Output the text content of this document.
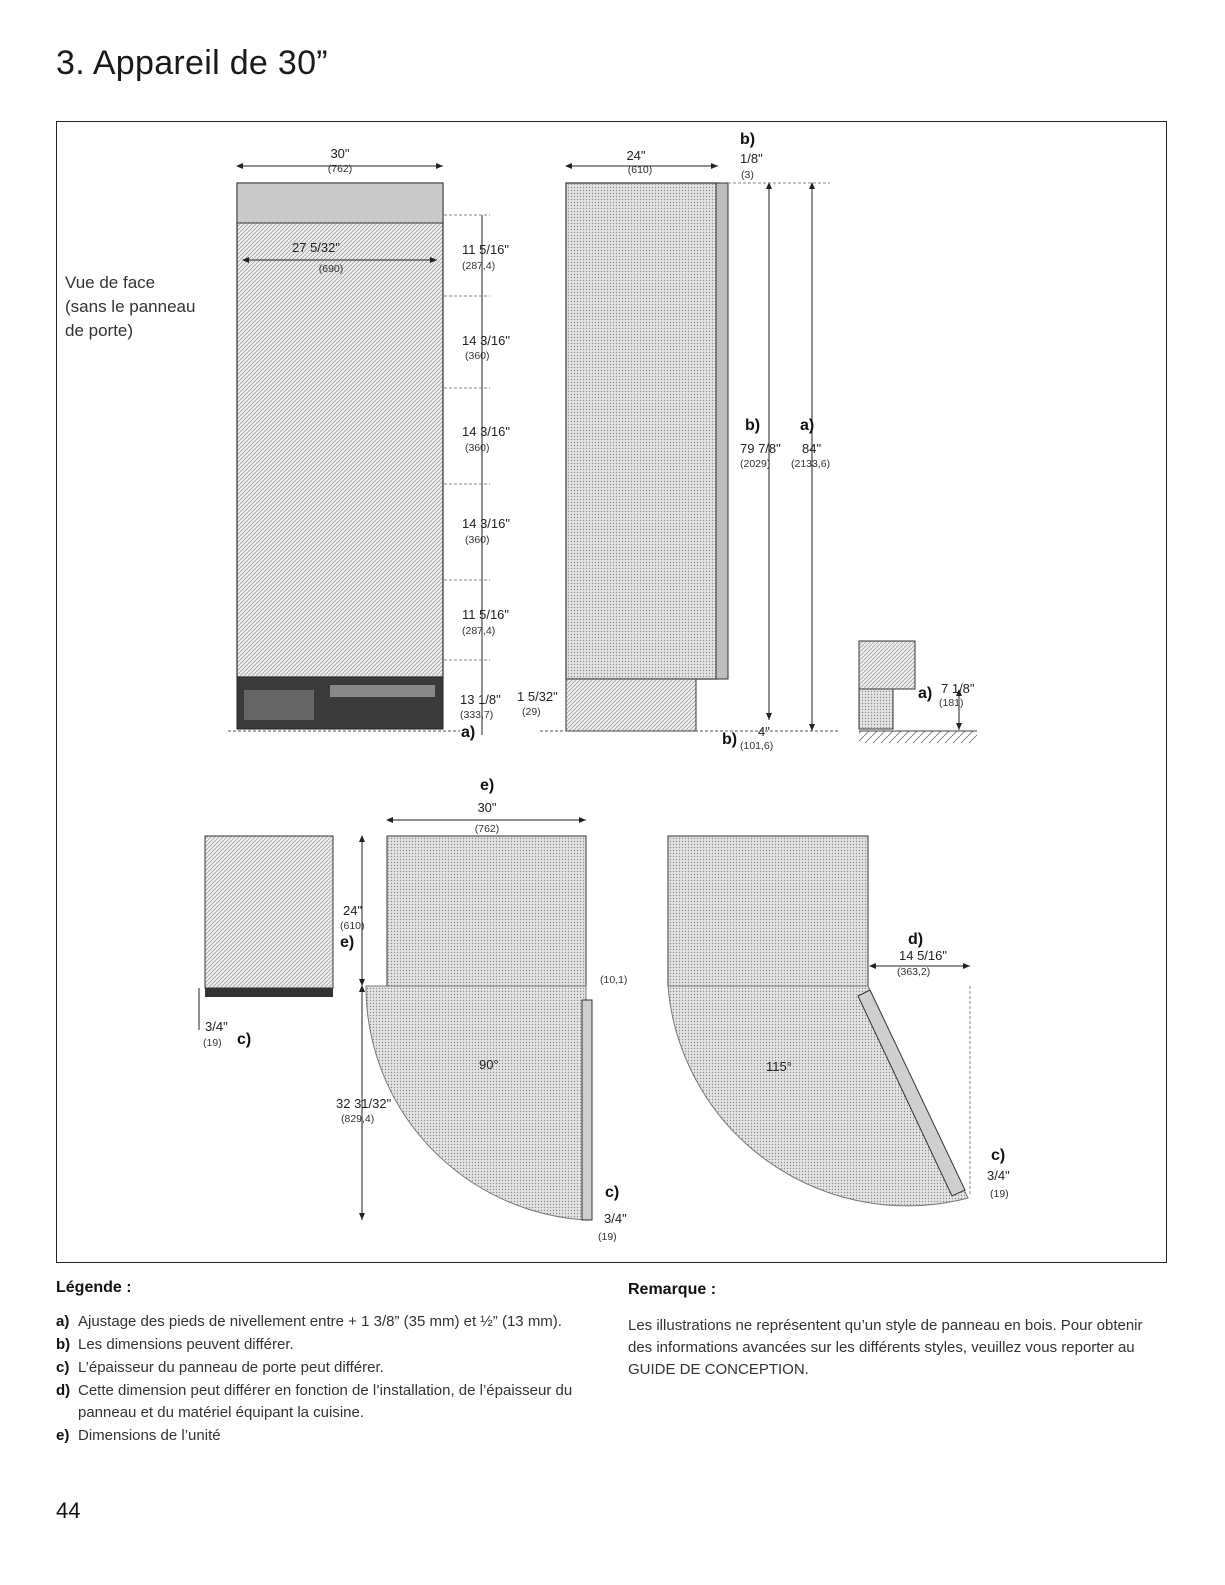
3. Appareil de 30”
Vue de face
(sans le panneau
de porte)
30"
(762)
27 5/32"
(690)
11 5/16"
(287,4)
14 3/16"
(360)
14 3/16"
(360)
14 3/16"
(360)
11 5/16"
(287,4)
13 1/8"
(333,7)
a)
1 5/32"
(29)
24"
(610)
b)
1/8"
(3)
b) a)
79 7/8"
(2029)
84"
(2133,6)
b) 4"
(101,6)
a) 7 1/8"
(181)
3/4"
(19) c)
e)
30"
(762)
24"
(610)
e)
(10,1)
32 31/32"
(829,4)
90°
c)
3/4"
(19)
d)
14 5/16"
(363,2)
115°
c)
3/4"
(19)
Légende :
a) Ajustage des pieds de nivellement entre + 1 3/8” (35 mm) et ½” (13 mm).
b) Les dimensions peuvent différer.
c) L’épaisseur du panneau de porte peut différer.
d) Cette dimension peut différer en fonction de l’installation, de l’épaisseur du panneau et du matériel équipant la cuisine.
e) Dimensions de l’unité
Remarque :
Les illustrations ne représentent qu’un style de panneau en bois. Pour obtenir des informations avancées sur les différents styles, veuillez vous reporter au GUIDE DE CONCEPTION.
44
